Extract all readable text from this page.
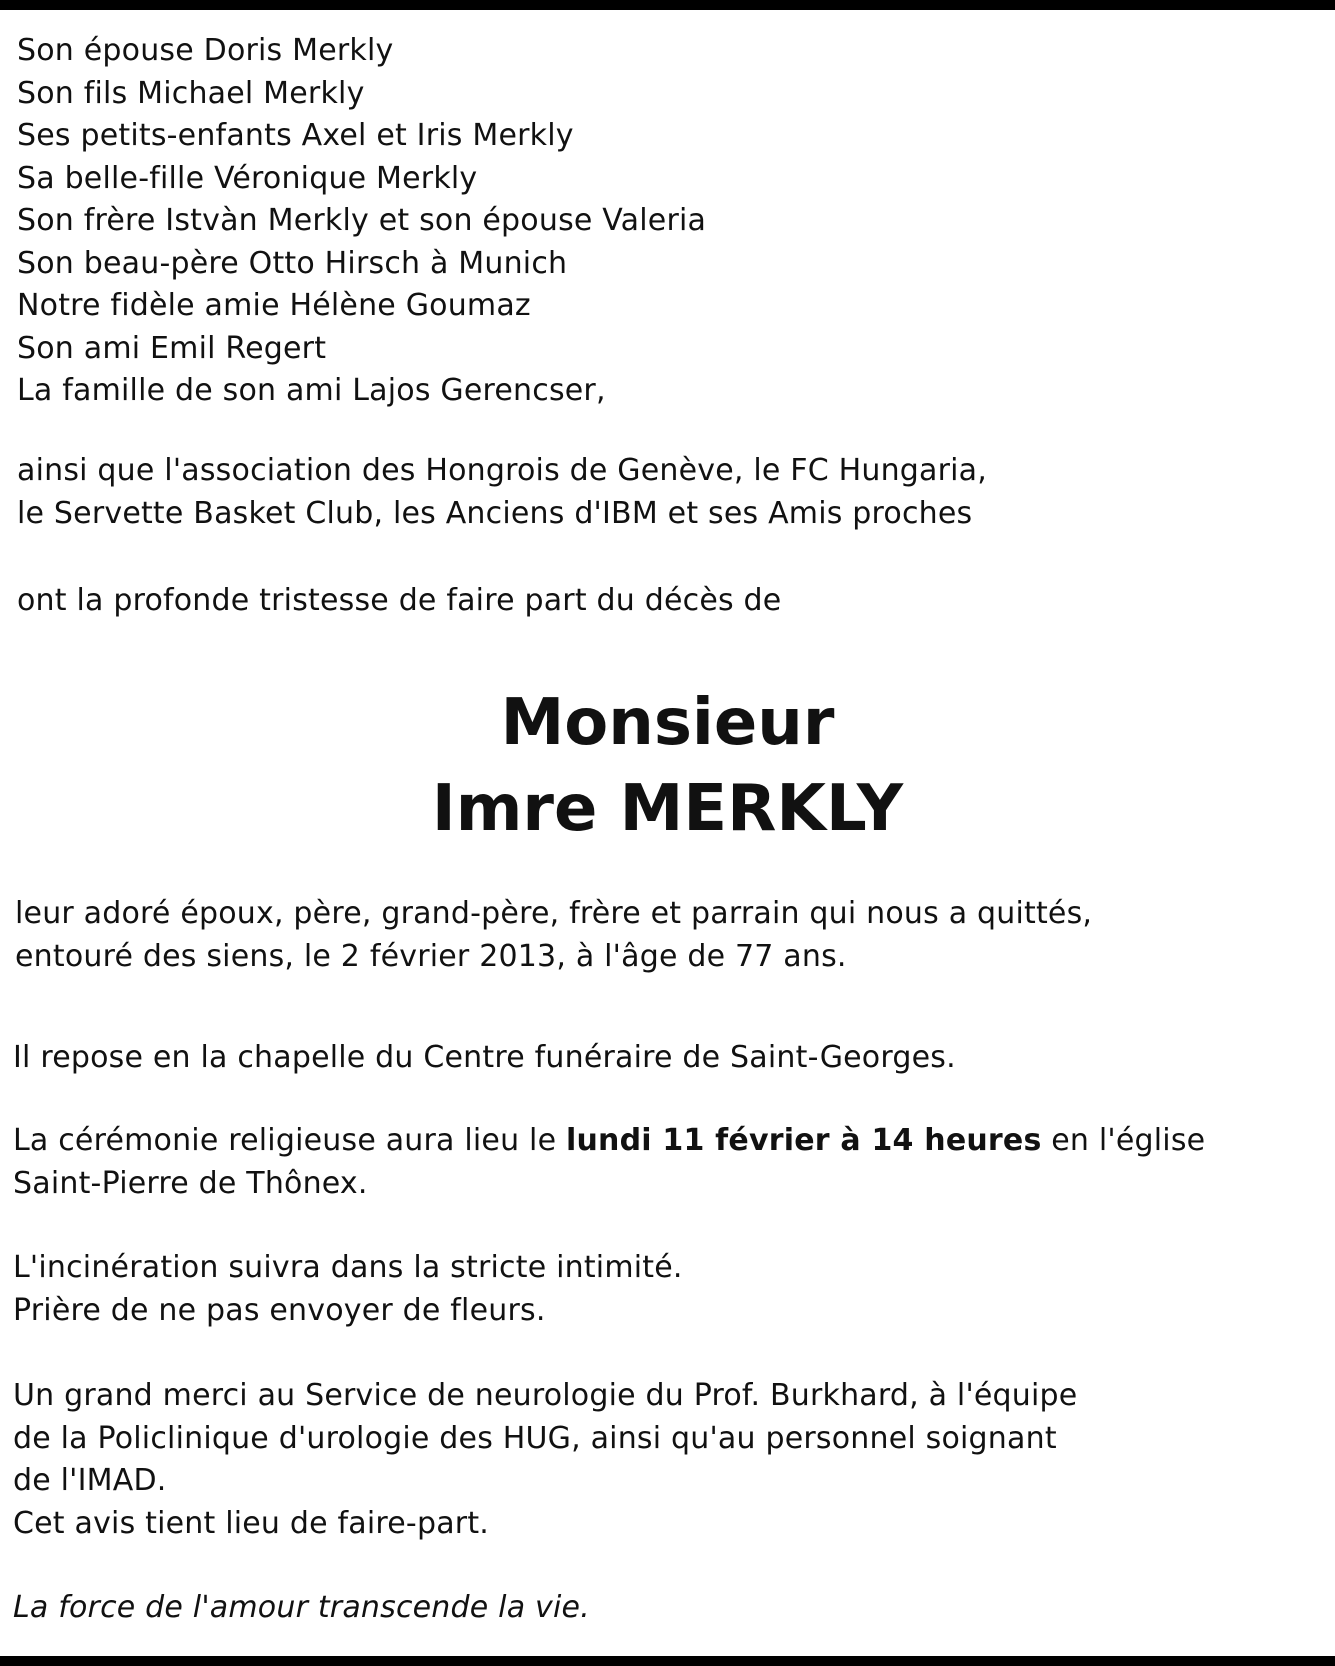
Son épouse Doris Merkly
Son fils Michael Merkly
Ses petits-enfants Axel et Iris Merkly
Sa belle-fille Véronique Merkly
Son frère Istvàn Merkly et son épouse Valeria
Son beau-père Otto Hirsch à Munich
Notre fidèle amie Hélène Goumaz
Son ami Emil Regert
La famille de son ami Lajos Gerencser,
ainsi que l'association des Hongrois de Genève, le FC Hungaria,
le Servette Basket Club, les Anciens d'IBM et ses Amis proches
ont la profonde tristesse de faire part du décès de
Monsieur
Imre MERKLY
leur adoré époux, père, grand-père, frère et parrain qui nous a quittés,
entouré des siens, le 2 février 2013, à l'âge de 77 ans.
Il repose en la chapelle du Centre funéraire de Saint-Georges.
La cérémonie religieuse aura lieu le lundi 11 février à 14 heures en l'église
Saint-Pierre de Thônex.
L'incinération suivra dans la stricte intimité.
Prière de ne pas envoyer de fleurs.
Un grand merci au Service de neurologie du Prof. Burkhard, à l'équipe
de la Policlinique d'urologie des HUG, ainsi qu'au personnel soignant
de l'IMAD.
Cet avis tient lieu de faire-part.
La force de l'amour transcende la vie.
